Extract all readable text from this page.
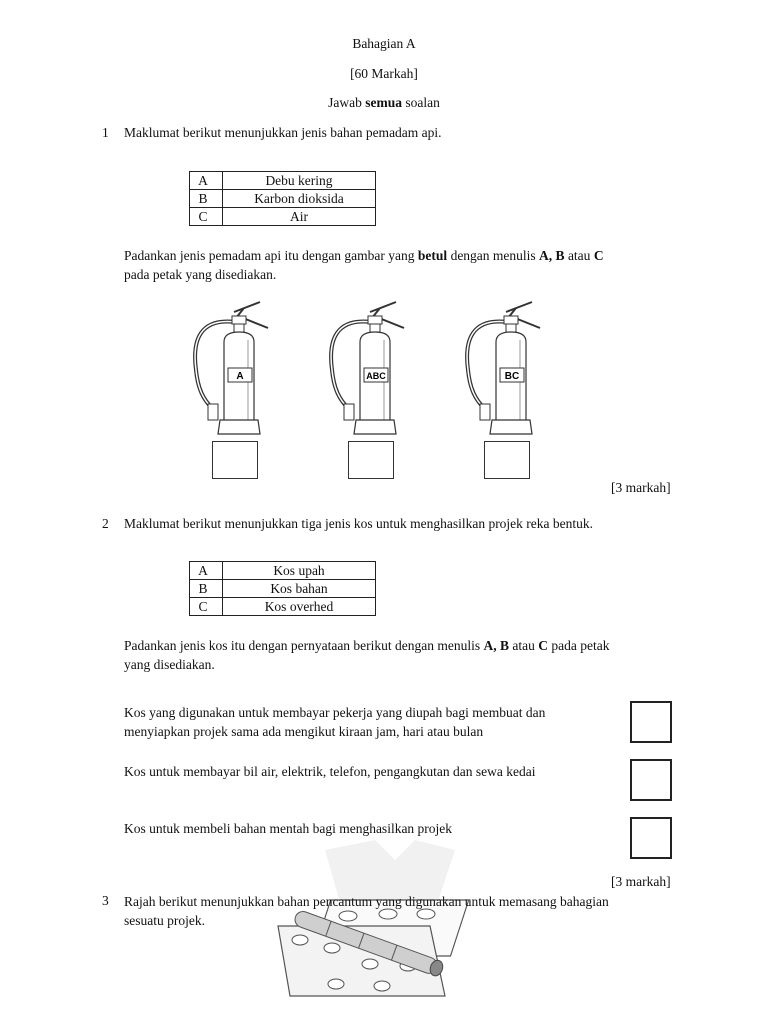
Bahagian A
[60 Markah]
Jawab semua soalan
1 Maklumat berikut menunjukkan jenis bahan pemadam api.
A	Debu kering
B	Karbon dioksida
C	Air
Padankan jenis pemadam api itu dengan gambar yang betul dengan menulis A, B atau C
pada petak yang disediakan.
A	ABC	BC
[3 markah]
2 Maklumat berikut menunjukkan tiga jenis kos untuk menghasilkan projek reka bentuk.
A	Kos upah
B	Kos bahan
C	Kos overhed
Padankan jenis kos itu dengan pernyataan berikut dengan menulis A, B atau C pada petak
yang disediakan.
Kos yang digunakan untuk membayar pekerja yang diupah bagi membuat dan
menyiapkan projek sama ada mengikut kiraan jam, hari atau bulan
Kos untuk membayar bil air, elektrik, telefon, pengangkutan dan sewa kedai
Kos untuk membeli bahan mentah bagi menghasilkan projek
[3 markah]
3 Rajah berikut menunjukkan bahan pencantum yang digunakan untuk memasang bahagian
sesuatu projek.
